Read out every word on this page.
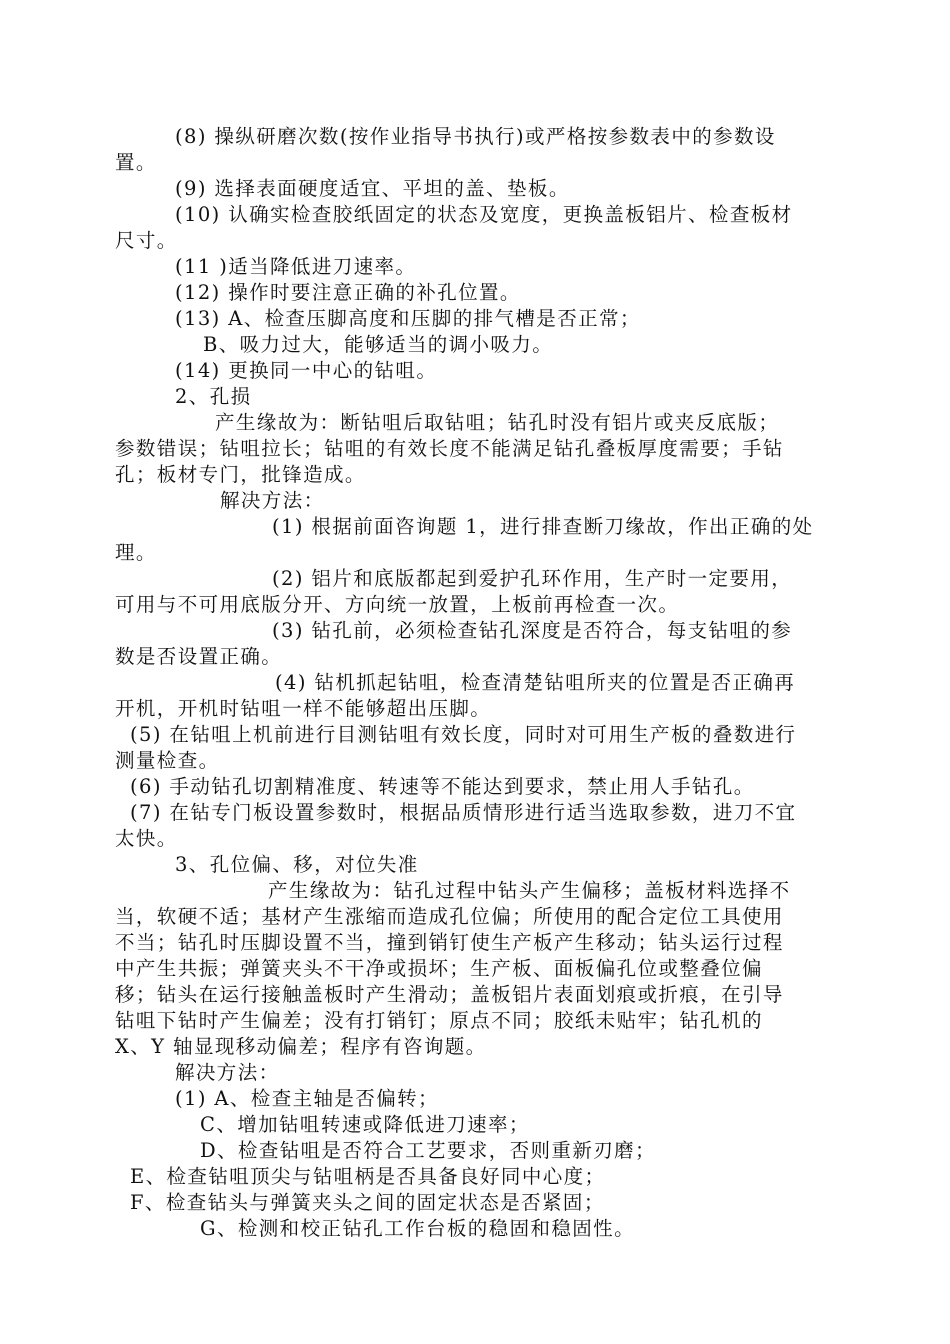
(8) 操纵研磨次数(按作业指导书执行)或严格按参数表中的参数设
置。
(9) 选择表面硬度适宜、平坦的盖、垫板。
(10) 认确实检查胶纸固定的状态及宽度，更换盖板铝片、检查板材
尺寸。
(11 )适当降低进刀速率。
(12) 操作时要注意正确的补孔位置。
(13) A、检查压脚高度和压脚的排气槽是否正常；
B、吸力过大，能够适当的调小吸力。
(14) 更换同一中心的钻咀。
2、孔损
产生缘故为：断钻咀后取钻咀；钻孔时没有铝片或夹反底版；
参数错误；钻咀拉长；钻咀的有效长度不能满足钻孔叠板厚度需要；手钻
孔；板材专门，批锋造成。
解决方法：
(1) 根据前面咨询题 1，进行排查断刀缘故，作出正确的处
理。
(2) 铝片和底版都起到爱护孔环作用，生产时一定要用，
可用与不可用底版分开、方向统一放置，上板前再检查一次。
(3) 钻孔前，必须检查钻孔深度是否符合，每支钻咀的参
数是否设置正确。
(4) 钻机抓起钻咀，检查清楚钻咀所夹的位置是否正确再
开机，开机时钻咀一样不能够超出压脚。
(5) 在钻咀上机前进行目测钻咀有效长度，同时对可用生产板的叠数进行
测量检查。
(6) 手动钻孔切割精准度、转速等不能达到要求，禁止用人手钻孔。
(7) 在钻专门板设置参数时，根据品质情形进行适当选取参数，进刀不宜
太快。
3、孔位偏、移，对位失准
产生缘故为：钻孔过程中钻头产生偏移；盖板材料选择不
当，软硬不适；基材产生涨缩而造成孔位偏；所使用的配合定位工具使用
不当；钻孔时压脚设置不当，撞到销钉使生产板产生移动；钻头运行过程
中产生共振；弹簧夹头不干净或损坏；生产板、面板偏孔位或整叠位偏
移；钻头在运行接触盖板时产生滑动；盖板铝片表面划痕或折痕，在引导
钻咀下钻时产生偏差；没有打销钉；原点不同；胶纸未贴牢；钻孔机的
X、Y 轴显现移动偏差；程序有咨询题。
解决方法：
(1) A、检查主轴是否偏转；
C、增加钻咀转速或降低进刀速率；
D、检查钻咀是否符合工艺要求，否则重新刃磨；
E、检查钻咀顶尖与钻咀柄是否具备良好同中心度；
F、检查钻头与弹簧夹头之间的固定状态是否紧固；
G、检测和校正钻孔工作台板的稳固和稳固性。
